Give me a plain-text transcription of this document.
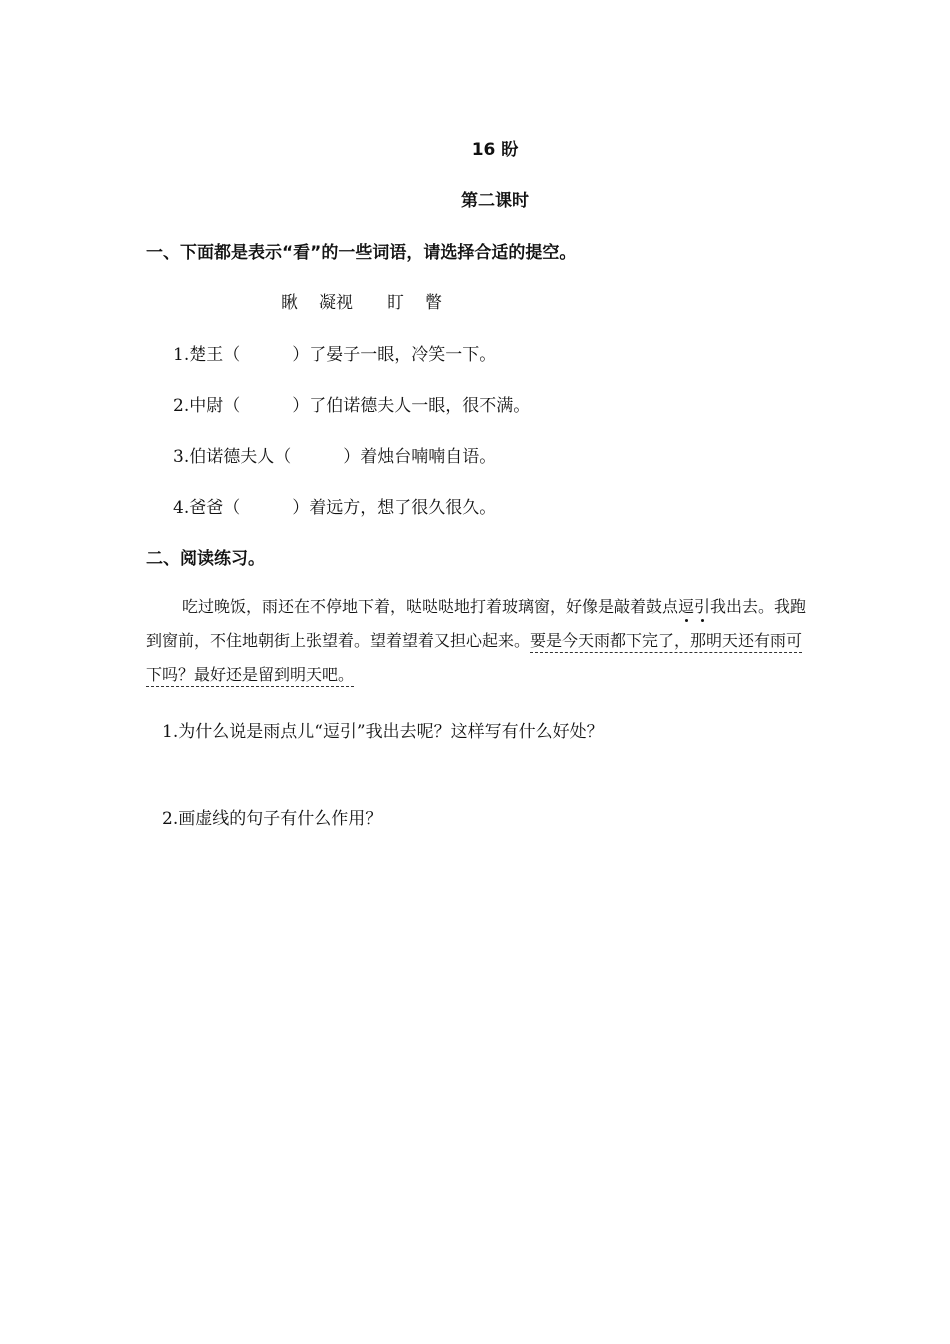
16 盼
第二课时
一、下面都是表示“看”的一些词语，请选择合适的提空。
瞅 凝视 盯 瞥
1.楚王（	）了晏子一眼，冷笑一下。
2.中尉（	）了伯诺德夫人一眼，很不满。
3.伯诺德夫人（	）着烛台喃喃自语。
4.爸爸（	）着远方，想了很久很久。
二、阅读练习。

吃过晚饭，雨还在不停地下着，哒哒哒地打着玻璃窗，好像是敲着鼓点逗引我出去。我跑到窗前，不住地朝街上张望着。望着望着又担心起来。要是今天雨都下完了，那明天还有雨可下吗？最好还是留到明天吧。

1.为什么说是雨点儿“逗引”我出去呢？这样写有什么好处？
2.画虚线的句子有什么作用？
